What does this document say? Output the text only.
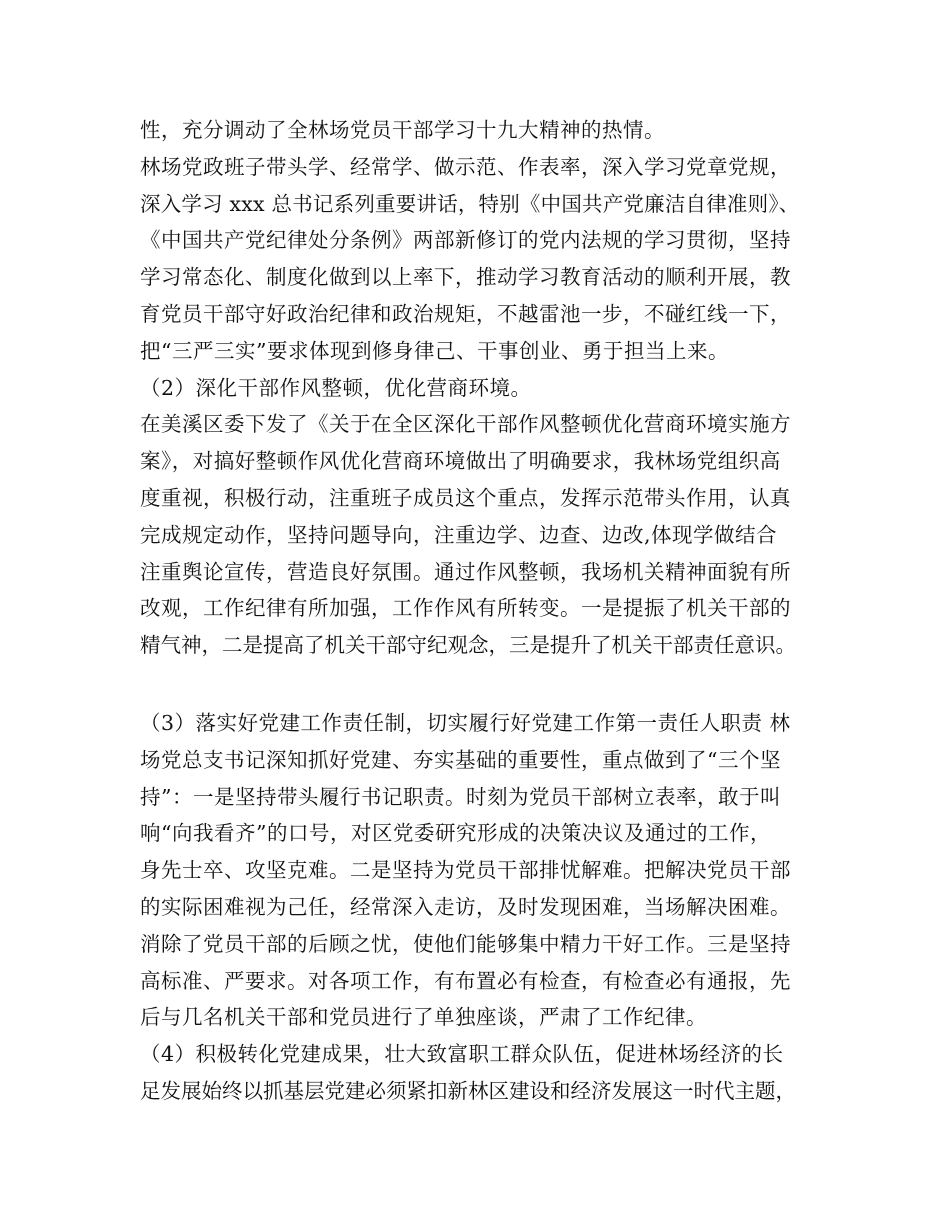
性，充分调动了全林场党员干部学习十九大精神的热情。
林场党政班子带头学、经常学、做示范、作表率，深入学习党章党规，
深入学习 xxx 总书记系列重要讲话，特别《中国共产党廉洁自律准则》、
《中国共产党纪律处分条例》两部新修订的党内法规的学习贯彻，坚持
学习常态化、制度化做到以上率下，推动学习教育活动的顺利开展，教
育党员干部守好政治纪律和政治规矩，不越雷池一步，不碰红线一下，
把“三严三实”要求体现到修身律己、干事创业、勇于担当上来。
（2）深化干部作风整顿，优化营商环境。
在美溪区委下发了《关于在全区深化干部作风整顿优化营商环境实施方
案》，对搞好整顿作风优化营商环境做出了明确要求，我林场党组织高
度重视，积极行动，注重班子成员这个重点，发挥示范带头作用，认真
完成规定动作，坚持问题导向，注重边学、边查、边改,体现学做结合
注重舆论宣传，营造良好氛围。通过作风整顿，我场机关精神面貌有所
改观，工作纪律有所加强，工作作风有所转变。一是提振了机关干部的
精气神，二是提高了机关干部守纪观念，三是提升了机关干部责任意识。
（3）落实好党建工作责任制，切实履行好党建工作第一责任人职责 林
场党总支书记深知抓好党建、夯实基础的重要性，重点做到了“三个坚
持”：一是坚持带头履行书记职责。时刻为党员干部树立表率，敢于叫
响“向我看齐”的口号，对区党委研究形成的决策决议及通过的工作，
身先士卒、攻坚克难。二是坚持为党员干部排忧解难。把解决党员干部
的实际困难视为己任，经常深入走访，及时发现困难，当场解决困难。
消除了党员干部的后顾之忧，使他们能够集中精力干好工作。三是坚持
高标准、严要求。对各项工作，有布置必有检查，有检查必有通报，先
后与几名机关干部和党员进行了单独座谈，严肃了工作纪律。
（4）积极转化党建成果，壮大致富职工群众队伍，促进林场经济的长
足发展始终以抓基层党建必须紧扣新林区建设和经济发展这一时代主题，
